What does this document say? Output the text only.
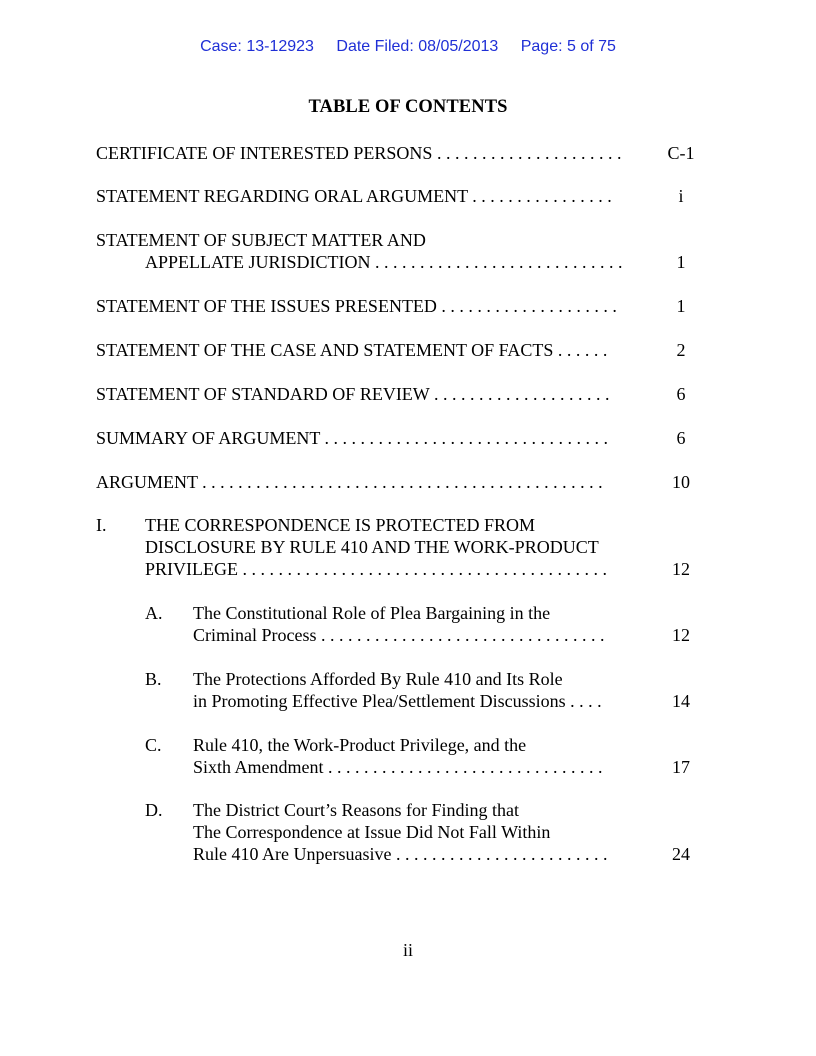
Case: 13-12923 Date Filed: 08/05/2013 Page: 5 of 75
TABLE OF CONTENTS
CERTIFICATE OF INTERESTED PERSONS . . . . . . . . . . . . . . . . . . . . .	C-1
STATEMENT REGARDING ORAL ARGUMENT . . . . . . . . . . . . . . . .	i
STATEMENT OF SUBJECT MATTER AND
APPELLATE JURISDICTION . . . . . . . . . . . . . . . . . . . . . . . . . . . .	1
STATEMENT OF THE ISSUES PRESENTED . . . . . . . . . . . . . . . . . . . .	1
STATEMENT OF THE CASE AND STATEMENT OF FACTS . . . . . .	2
STATEMENT OF STANDARD OF REVIEW . . . . . . . . . . . . . . . . . . . .	6
SUMMARY OF ARGUMENT . . . . . . . . . . . . . . . . . . . . . . . . . . . . . . . .	6
ARGUMENT . . . . . . . . . . . . . . . . . . . . . . . . . . . . . . . . . . . . . . . . . . . . .	10
I. THE CORRESPONDENCE IS PROTECTED FROM
DISCLOSURE BY RULE 410 AND THE WORK-PRODUCT
PRIVILEGE . . . . . . . . . . . . . . . . . . . . . . . . . . . . . . . . . . . . . . . . .	12
A. The Constitutional Role of Plea Bargaining in the
Criminal Process . . . . . . . . . . . . . . . . . . . . . . . . . . . . . . . .	12
B. The Protections Afforded By Rule 410 and Its Role
in Promoting Effective Plea/Settlement Discussions . . . .	14
C. Rule 410, the Work-Product Privilege, and the
Sixth Amendment . . . . . . . . . . . . . . . . . . . . . . . . . . . . . . .	17
D. The District Court’s Reasons for Finding that
The Correspondence at Issue Did Not Fall Within
Rule 410 Are Unpersuasive . . . . . . . . . . . . . . . . . . . . . . . .	24
ii
